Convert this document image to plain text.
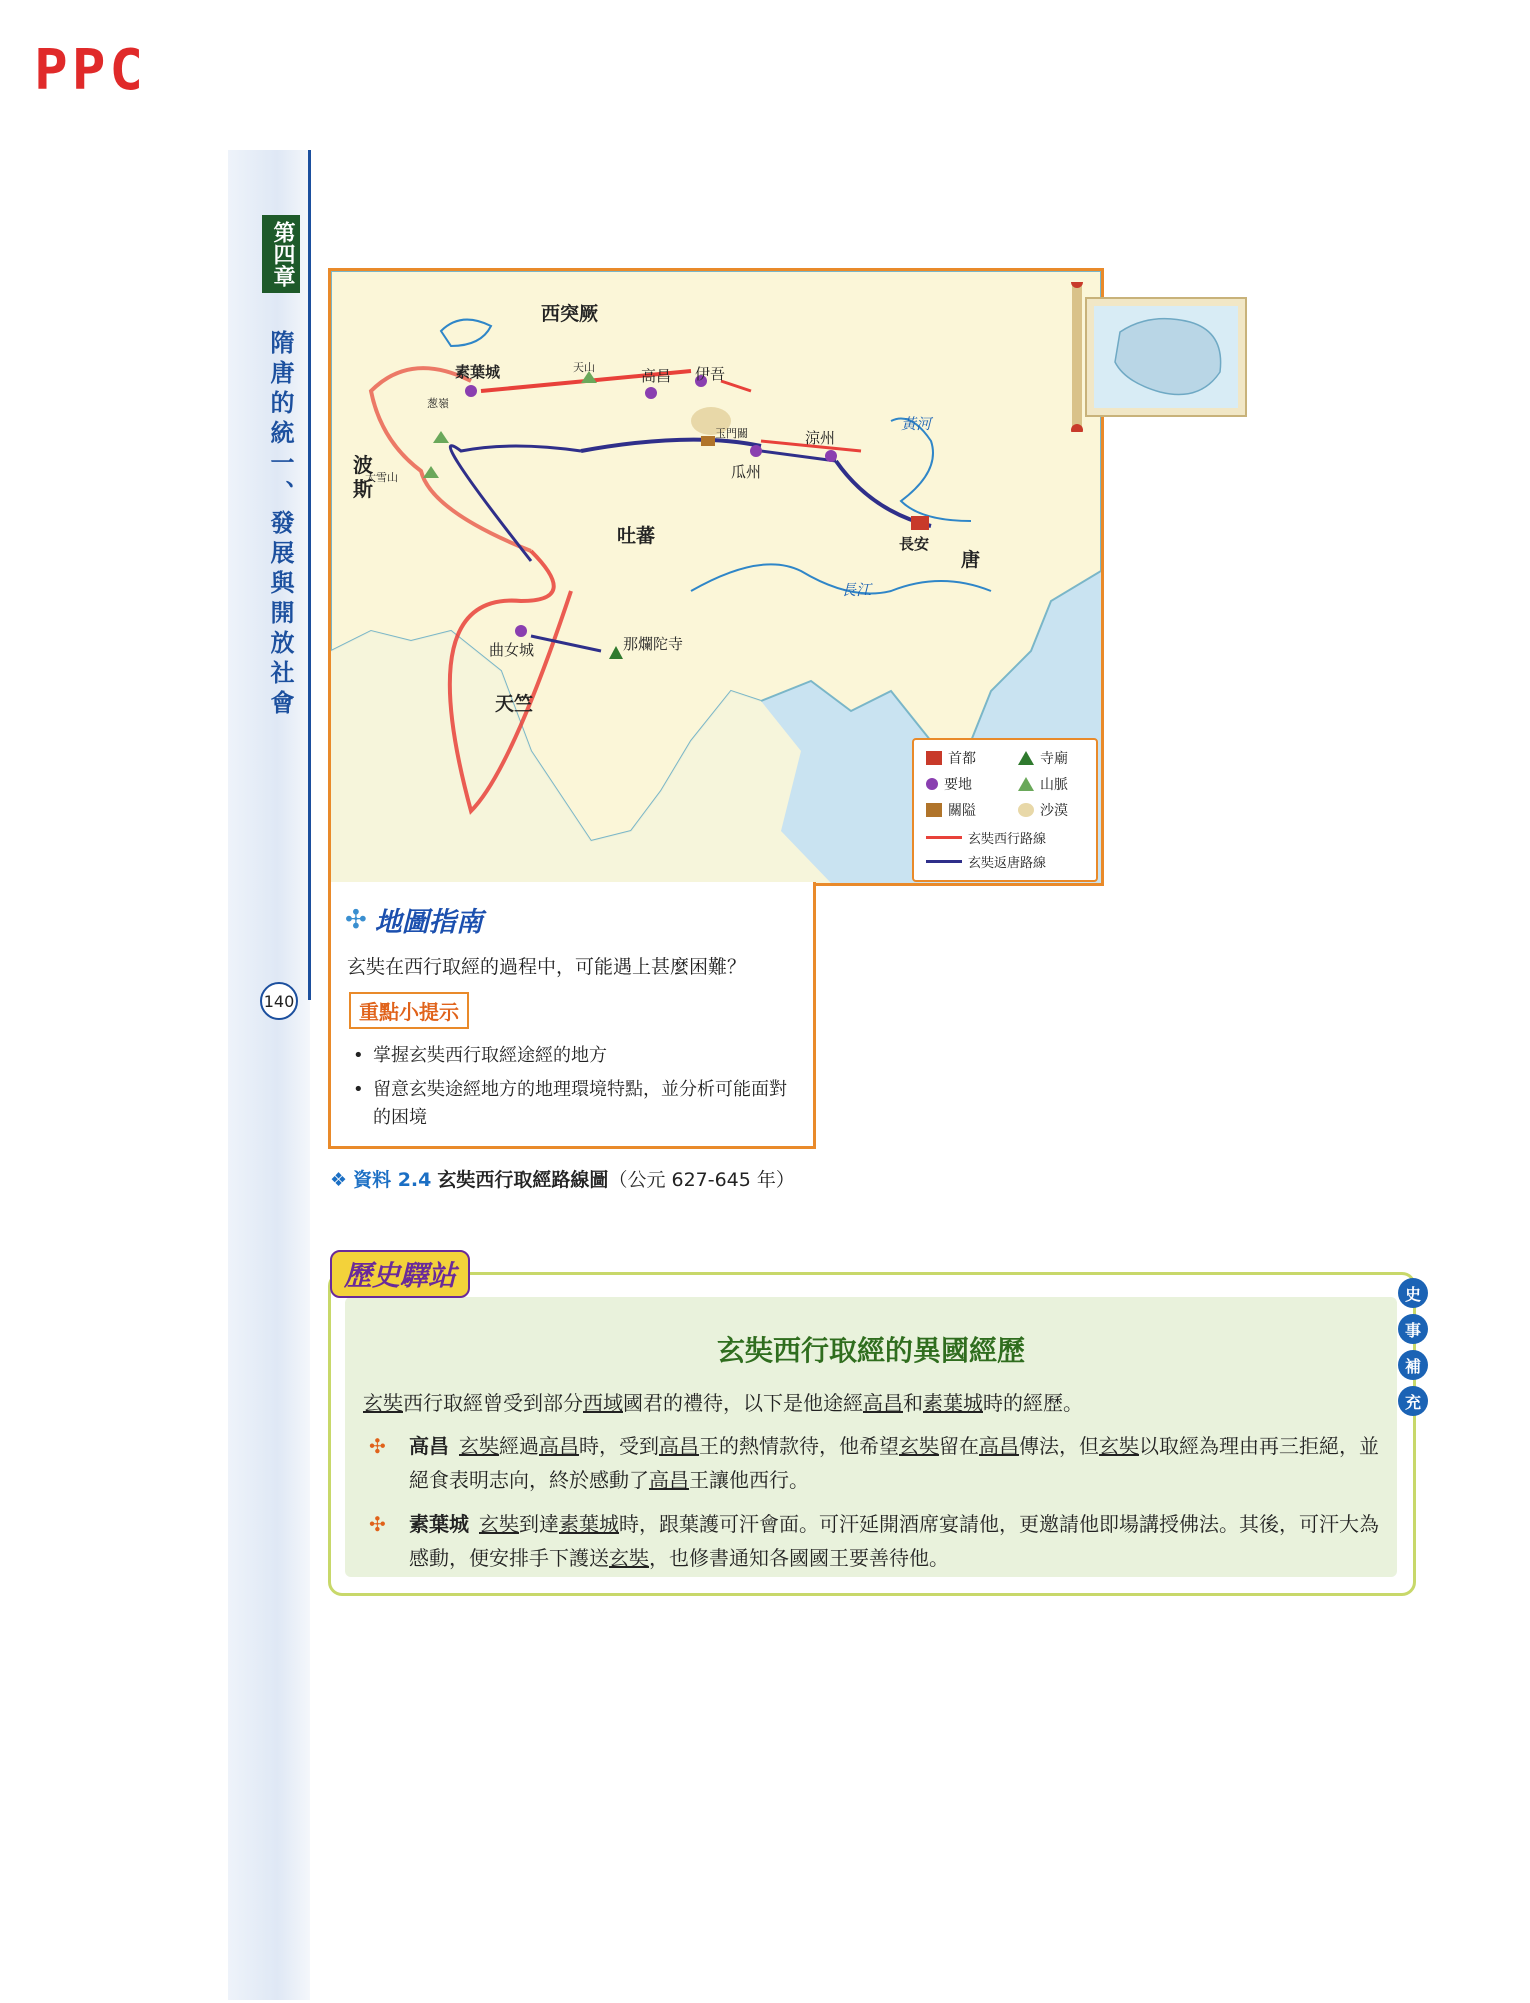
PPC
第四章
隋唐的統一、發展與開放社會
140
西突厥
素葉城	天山	高昌 伊吾
葱嶺
玉門關	涼州
黃河
波
大雪山
斯
瓜州
吐蕃	長安
唐
長江
曲女城	那爛陀寺
天竺
首都	寺廟
要地	山脈
關隘	沙漠
玄奘西行路線
玄奘返唐路線
✣ 地圖指南
玄奘在西行取經的過程中，可能遇上甚麼困難？
重點小提示
• 掌握玄奘西行取經途經的地方
• 留意玄奘途經地方的地理環境特點，並分析可能面對的困境
❖ 資料 2.4 玄奘西行取經路線圖（公元 627-645 年）
玄奘西行取經的異國經歷
玄奘西行取經曾受到部分西域國君的禮待，以下是他途經高昌和素葉城時的經歷。
✣	高昌 玄奘經過高昌時，受到高昌王的熱情款待，他希望玄奘留在高昌傳法，但玄奘以取經為理由再三拒絕，並絕食表明志向，終於感動了高昌王讓他西行。
✣	素葉城 玄奘到達素葉城時，跟葉護可汗會面。可汗延開酒席宴請他，更邀請他即場講授佛法。其後，可汗大為感動，便安排手下護送玄奘，也修書通知各國國王要善待他。
歷史驛站
史
事
補
充
